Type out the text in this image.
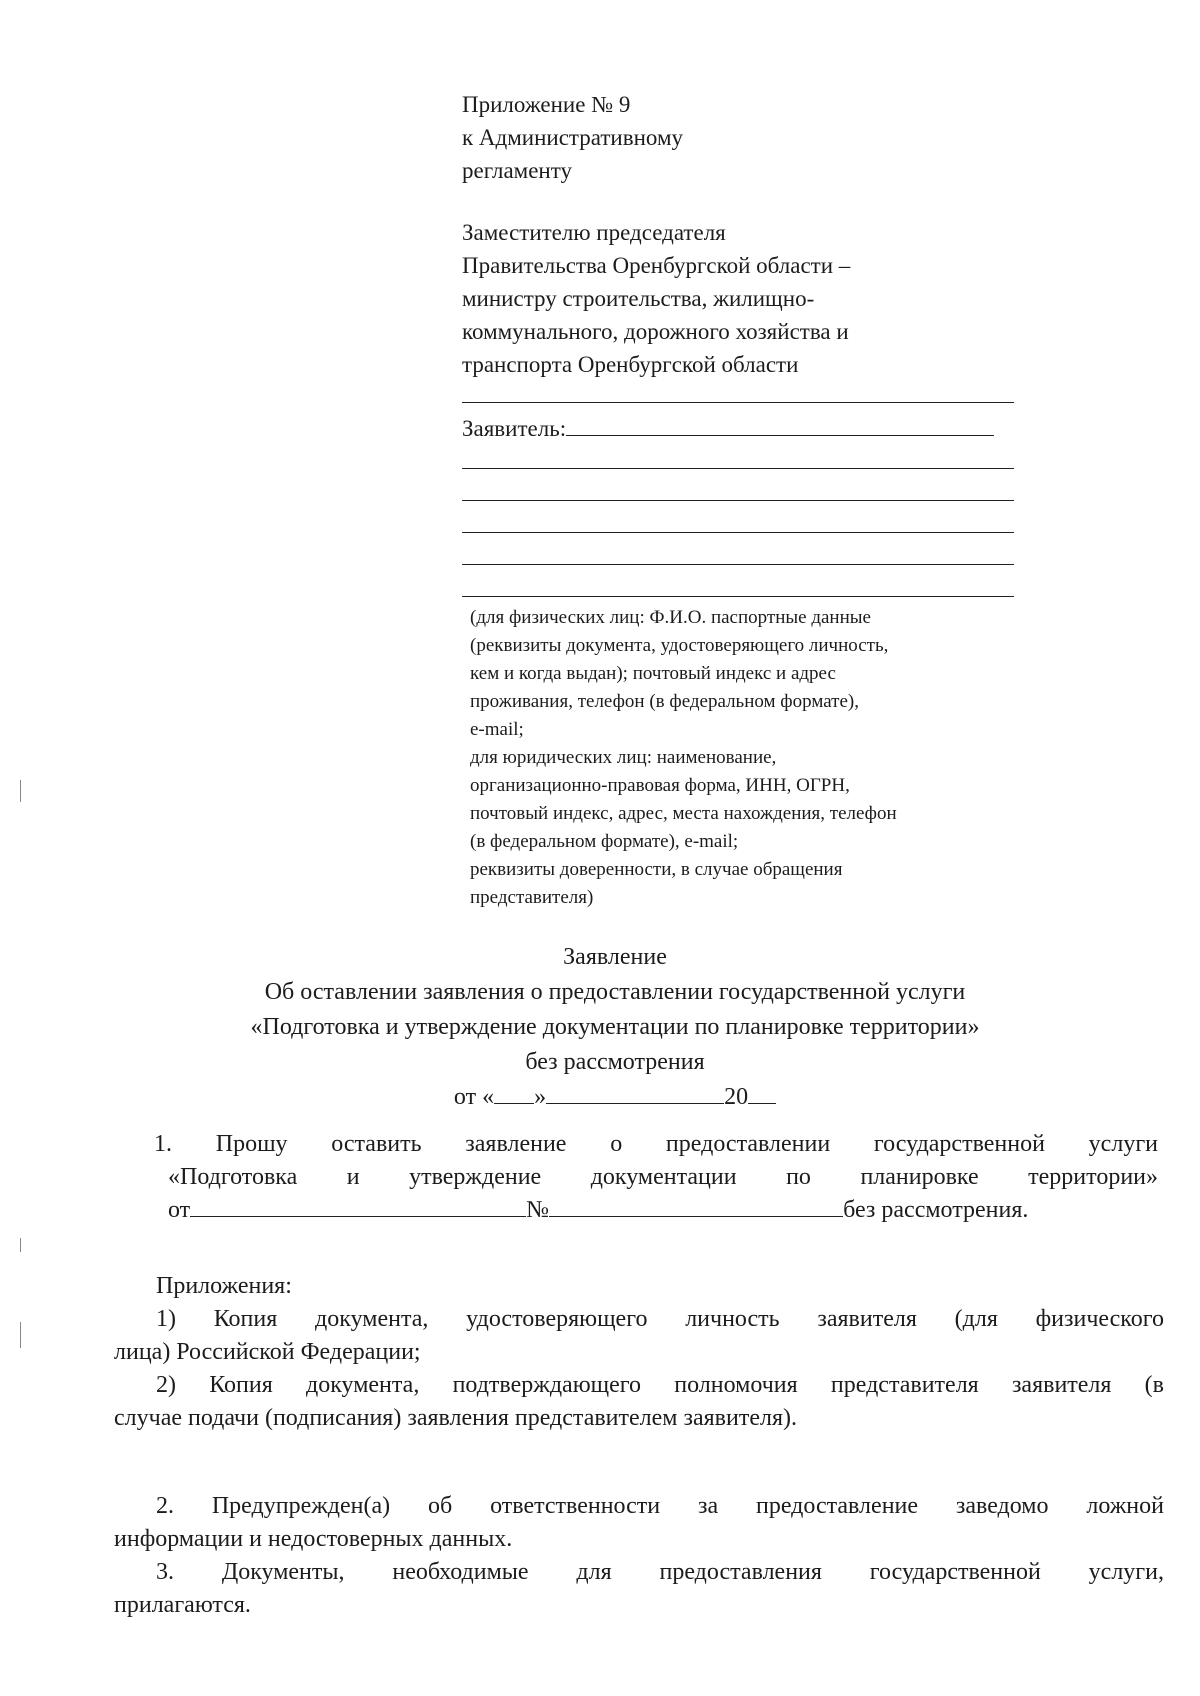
Приложение № 9
к Административному
регламенту
Заместителю председателя
Правительства Оренбургской области –
министру строительства, жилищно-
коммунального, дорожного хозяйства и
транспорта Оренбургской области
Заявитель:
(для физических лиц: Ф.И.О. паспортные данные
(реквизиты документа, удостоверяющего личность,
кем и когда выдан); почтовый индекс и адрес
проживания, телефон (в федеральном формате),
e-mail;
для юридических лиц: наименование,
организационно-правовая форма, ИНН, ОГРН,
почтовый индекс, адрес, места нахождения, телефон
(в федеральном формате), e-mail;
реквизиты доверенности, в случае обращения
представителя)
Заявление
Об оставлении заявления о предоставлении государственной услуги
«Подготовка и утверждение документации по планировке территории»
без рассмотрения
от « »	20
1. Прошу оставить заявление о предоставлении государственной услуги
«Подготовка и утверждение документации по планировке территории»
от	№	без рассмотрения.
Приложения:
1) Копия документа, удостоверяющего личность заявителя (для физического
лица) Российской Федерации;
2) Копия документа, подтверждающего полномочия представителя заявителя (в
случае подачи (подписания) заявления представителем заявителя).
2. Предупрежден(а) об ответственности за предоставление заведомо ложной
информации и недостоверных данных.
3. Документы, необходимые для предоставления государственной услуги,
прилагаются.
